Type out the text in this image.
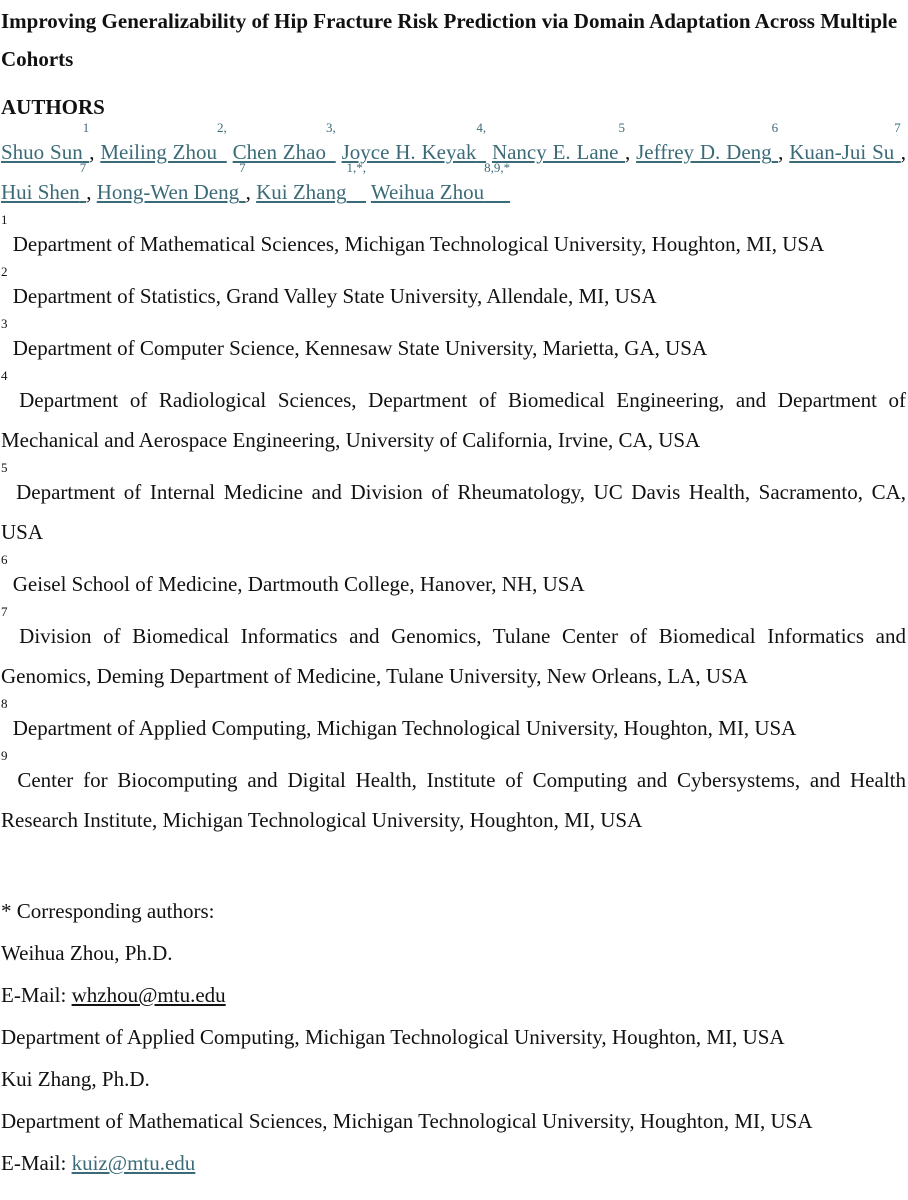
Improving Generalizability of Hip Fracture Risk Prediction via Domain Adaptation Across Multiple Cohorts
AUTHORS

Shuo Sun$^1$, Meiling Zhou$^{2,}$ Chen Zhao$^{3,}$ Joyce H. Keyak$^{4,}$ Nancy E. Lane$^5$, Jeffrey D. Deng$^6$, Kuan-Jui Su$^7$, Hui Shen$^7$, Hong-Wen Deng$^7$, Kui Zhang$^{1,*,}$ Weihua Zhou$^{8,9,*}$

$^1$ Department of Mathematical Sciences, Michigan Technological University, Houghton, MI, USA

$^2$ Department of Statistics, Grand Valley State University, Allendale, MI, USA

$^3$ Department of Computer Science, Kennesaw State University, Marietta, GA, USA

$^4$ Department of Radiological Sciences, Department of Biomedical Engineering, and Department of Mechanical and Aerospace Engineering, University of California, Irvine, CA, USA

$^5$ Department of Internal Medicine and Division of Rheumatology, UC Davis Health, Sacramento, CA, USA

$^6$ Geisel School of Medicine, Dartmouth College, Hanover, NH, USA

$^7$ Division of Biomedical Informatics and Genomics, Tulane Center of Biomedical Informatics and Genomics, Deming Department of Medicine, Tulane University, New Orleans, LA, USA

$^8$ Department of Applied Computing, Michigan Technological University, Houghton, MI, USA

$^9$ Center for Biocomputing and Digital Health, Institute of Computing and Cybersystems, and Health Research Institute, Michigan Technological University, Houghton, MI, USA

* Corresponding authors:

Weihua Zhou, Ph.D.

E-Mail: whzhou@mtu.edu

Department of Applied Computing, Michigan Technological University, Houghton, MI, USA

Kui Zhang, Ph.D.

Department of Mathematical Sciences, Michigan Technological University, Houghton, MI, USA

E-Mail: kuiz@mtu.edu
